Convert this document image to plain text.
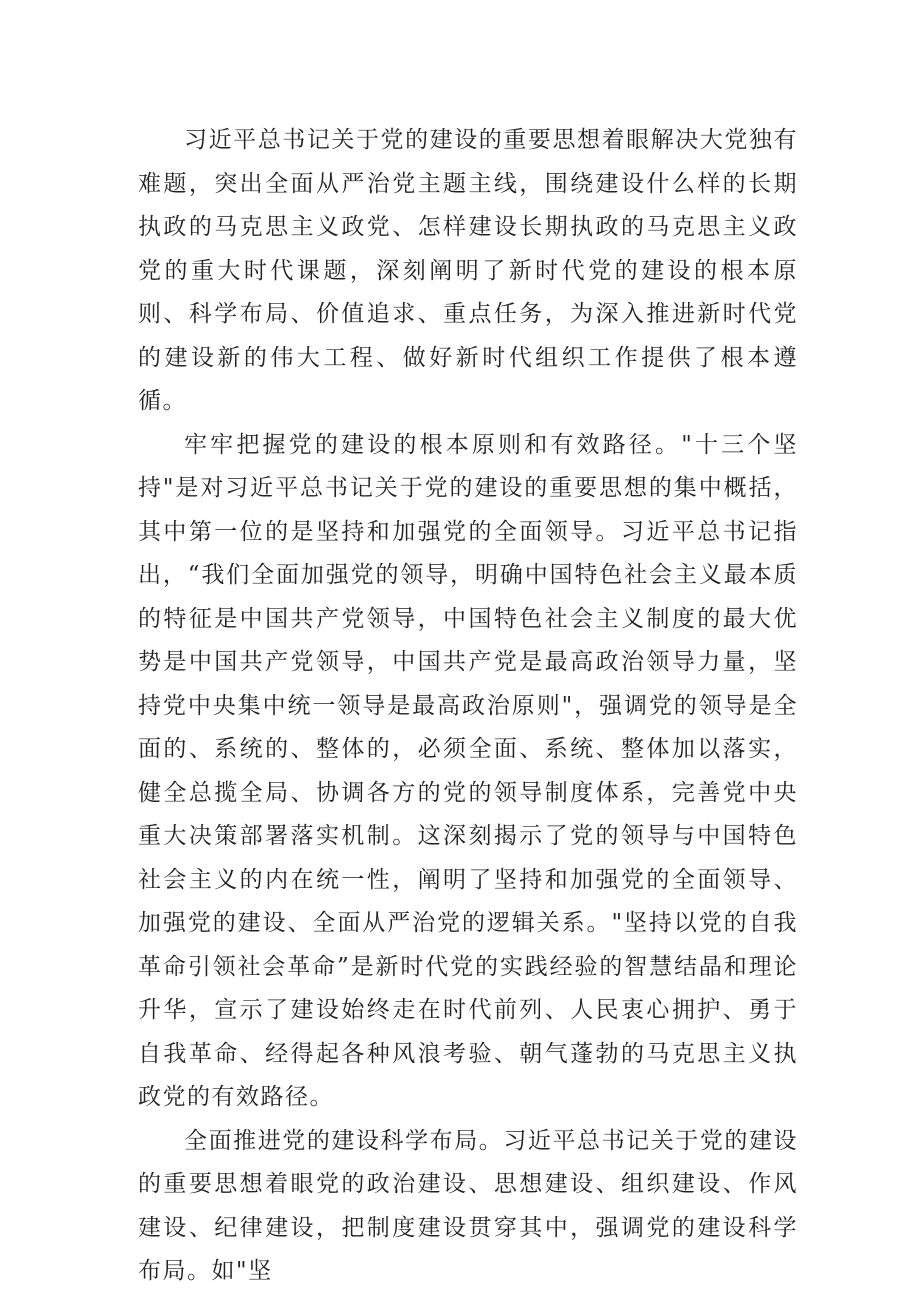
习近平总书记关于党的建设的重要思想着眼解决大党独有难题，突出全面从严治党主题主线，围绕建设什么样的长期执政的马克思主义政党、怎样建设长期执政的马克思主义政党的重大时代课题，深刻阐明了新时代党的建设的根本原则、科学布局、价值追求、重点任务，为深入推进新时代党的建设新的伟大工程、做好新时代组织工作提供了根本遵循。

牢牢把握党的建设的根本原则和有效路径。"十三个坚持"是对习近平总书记关于党的建设的重要思想的集中概括，其中第一位的是坚持和加强党的全面领导。习近平总书记指出，“我们全面加强党的领导，明确中国特色社会主义最本质的特征是中国共产党领导，中国特色社会主义制度的最大优势是中国共产党领导，中国共产党是最高政治领导力量，坚持党中央集中统一领导是最高政治原则"，强调党的领导是全面的、系统的、整体的，必须全面、系统、整体加以落实，健全总揽全局、协调各方的党的领导制度体系，完善党中央重大决策部署落实机制。这深刻揭示了党的领导与中国特色社会主义的内在统一性，阐明了坚持和加强党的全面领导、加强党的建设、全面从严治党的逻辑关系。"坚持以党的自我革命引领社会革命”是新时代党的实践经验的智慧结晶和理论升华，宣示了建设始终走在时代前列、人民衷心拥护、勇于自我革命、经得起各种风浪考验、朝气蓬勃的马克思主义执政党的有效路径。

全面推进党的建设科学布局。习近平总书记关于党的建设的重要思想着眼党的政治建设、思想建设、组织建设、作风建设、纪律建设，把制度建设贯穿其中，强调党的建设科学布局。如"坚
